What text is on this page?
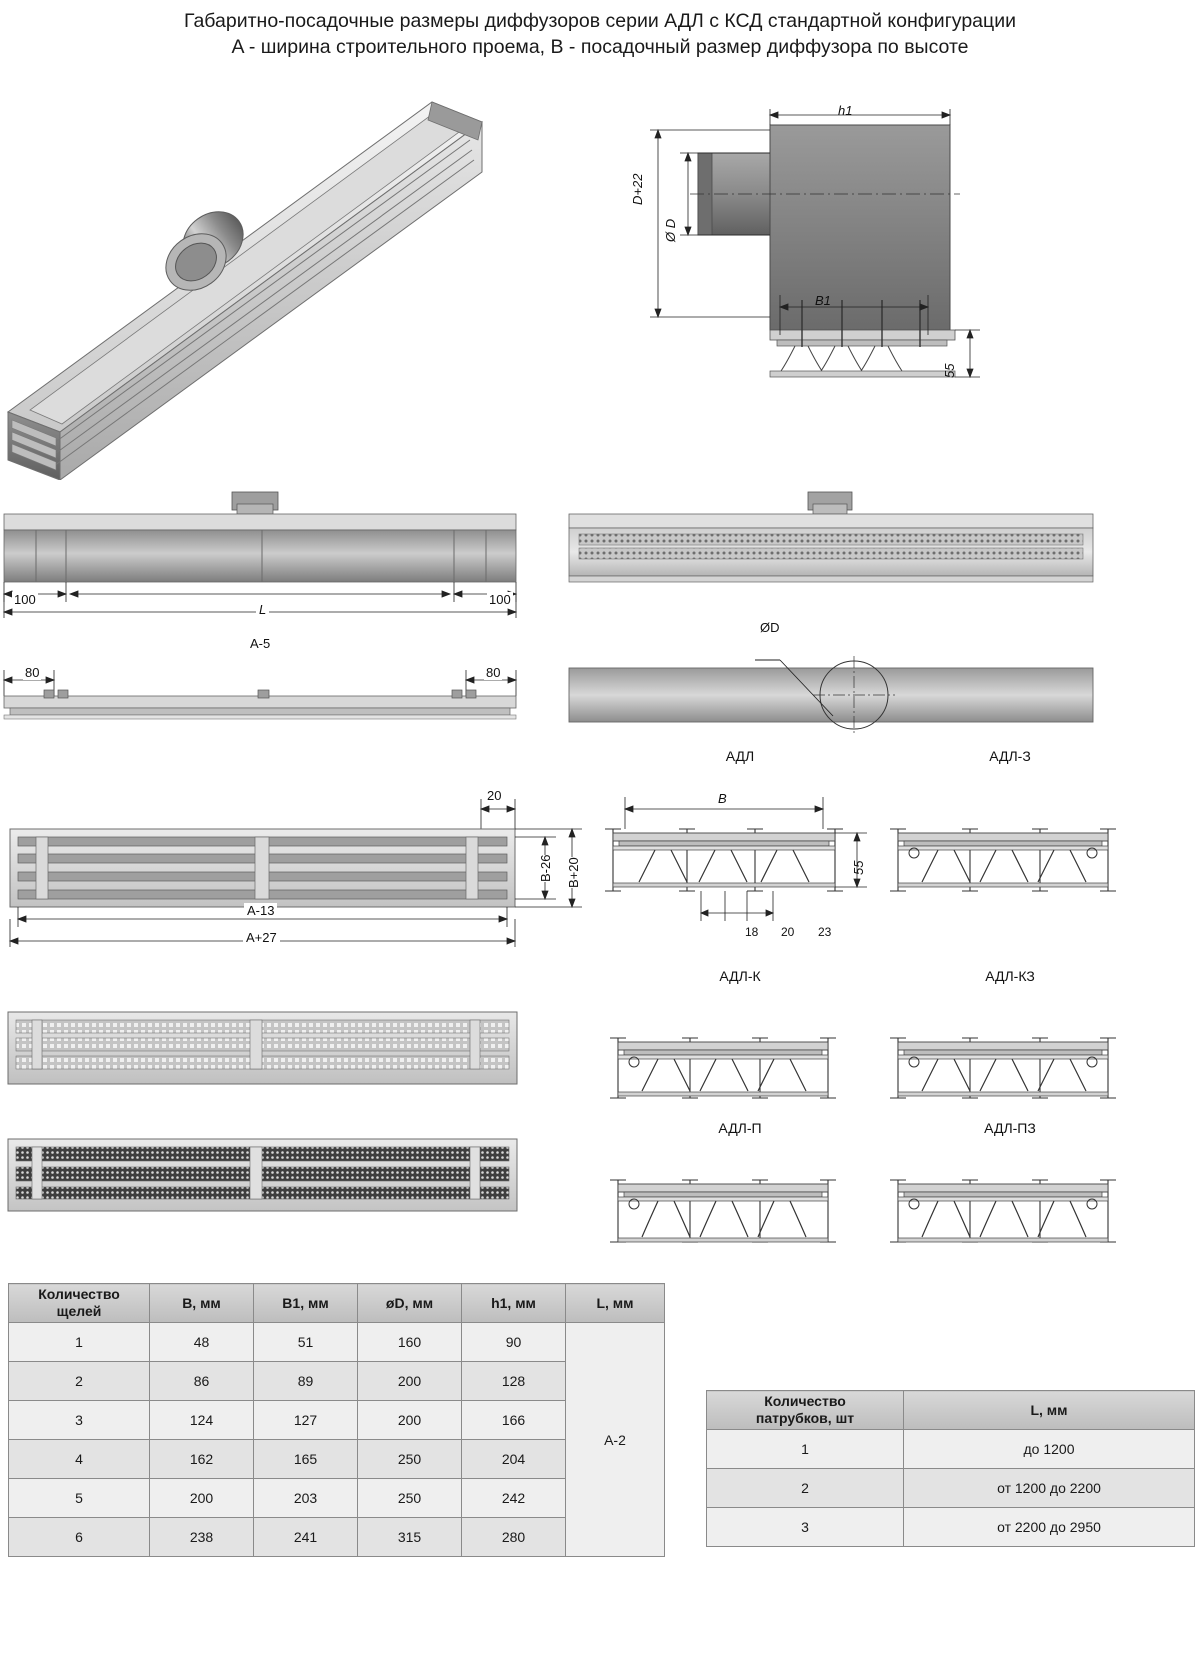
Габаритно-посадочные размеры диффузоров серии АДЛ с КСД стандартной конфигурации
A - ширина строительного проема, B - посадочный размер диффузора по высоте
h1
D+22
Ø D
B1
55
100	100
L
A-5
80	80
ØD
20
B-26 B+20
A-13
A+27
АДЛ	АДЛ-З
АДЛ-К	АДЛ-КЗ
АДЛ-П	АДЛ-ПЗ
B
55
18 20 23
Количество
щелей	B, мм	B1, мм	øD, мм	h1, мм	L, мм
1	48	51	160	90	A-2
2	86	89	200	128	
3	124	127	200	166	
4	162	165	250	204	
5	200	203	250	242	
6	238	241	315	280	
Количество
патрубков, шт	L, мм
1	до 1200
2	от 1200 до 2200
3	от 2200 до 2950
